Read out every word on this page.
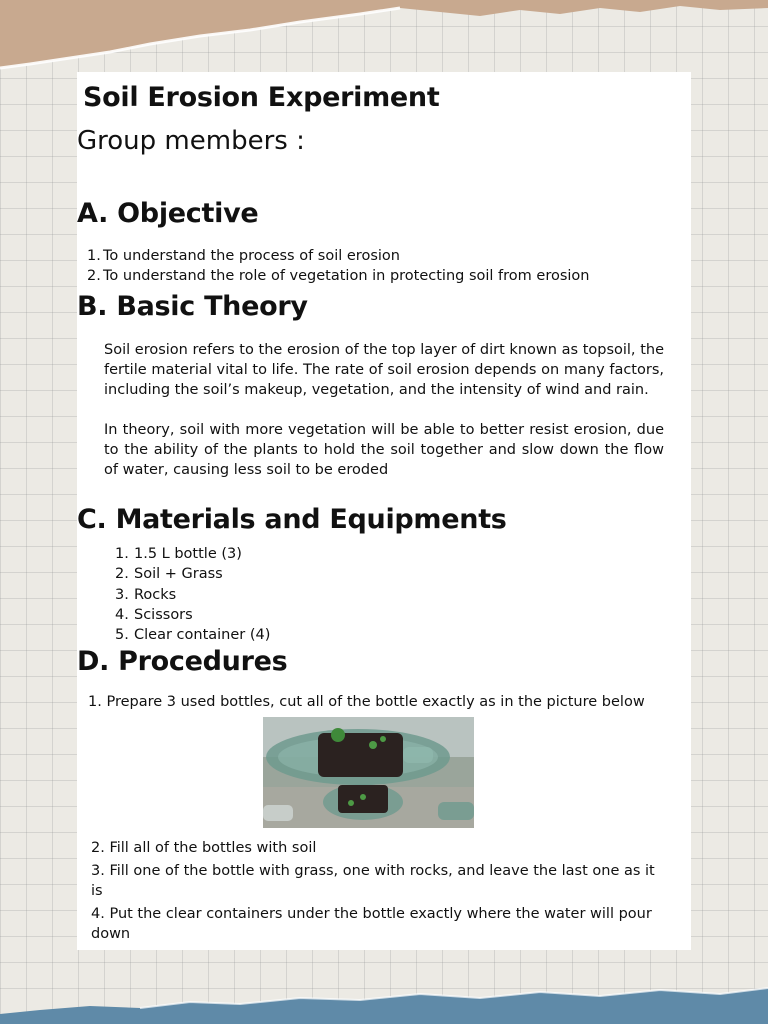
Soil Erosion Experiment
Group members :
A. Objective
1. To understand the process of soil erosion
2. To understand the role of vegetation in protecting soil from erosion
B. Basic Theory

Soil erosion refers to the erosion of the top layer of dirt known as topsoil, the fertile material vital to life. The rate of soil erosion depends on many factors, including the soil’s makeup, vegetation, and the intensity of wind and rain.

In theory, soil with more vegetation will be able to better resist erosion, due to the ability of the plants to hold the soil together and slow down the flow of water, causing less soil to be eroded

C. Materials and Equipments
1. 1.5 L bottle (3)
2. Soil + Grass
3. Rocks
4. Scissors
5. Clear container (4)
D. Procedures
1. Prepare 3 used bottles, cut all of the bottle exactly as in the picture below
2. Fill all of the bottles with soil
3. Fill one of the bottle with grass, one with rocks, and leave the last one as it is
4. Put the clear containers under the bottle exactly where the water will pour down
